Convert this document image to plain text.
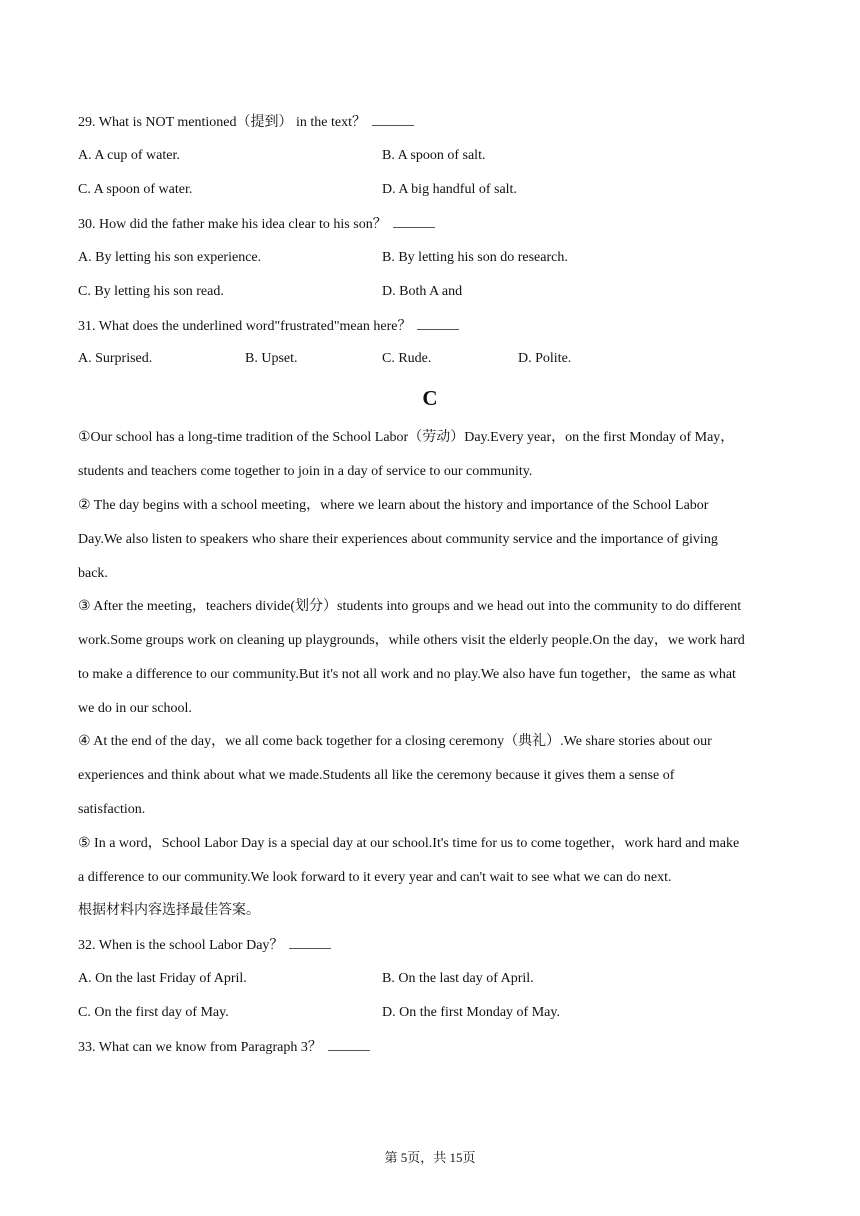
29. What is NOT mentioned（提到） in the text？
A. A cup of water.	B. A spoon of salt.
C. A spoon of water.	D. A big handful of salt.
30. How did the father make his idea clear to his son？
A. By letting his son experience.	B. By letting his son do research.
C. By letting his son read.	D. Both A and
31. What does the underlined word"frustrated"mean here？
A. Surprised.	B. Upset.	C. Rude.	D. Polite.
C
①Our school has a long-time tradition of the School Labor（劳动）Day.Every year，on the first Monday of May，
students and teachers come together to join in a day of service to our community.
② The day begins with a school meeting，where we learn about the history and importance of the School Labor
Day.We also listen to speakers who share their experiences about community service and the importance of giving
back.
③ After the meeting，teachers divide(划分）students into groups and we head out into the community to do different
work.Some groups work on cleaning up playgrounds，while others visit the elderly people.On the day，we work hard
to make a difference to our community.But it's not all work and no play.We also have fun together，the same as what
we do in our school.
④ At the end of the day，we all come back together for a closing ceremony（典礼）.We share stories about our
experiences and think about what we made.Students all like the ceremony because it gives them a sense of
satisfaction.
⑤ In a word，School Labor Day is a special day at our school.It's time for us to come together，work hard and make
a difference to our community.We look forward to it every year and can't wait to see what we can do next.
根据材料内容选择最佳答案。
32. When is the school Labor Day？
A. On the last Friday of April.	B. On the last day of April.
C. On the first day of May.	D. On the first Monday of May.
33. What can we know from Paragraph 3？
第 5页，共 15页
